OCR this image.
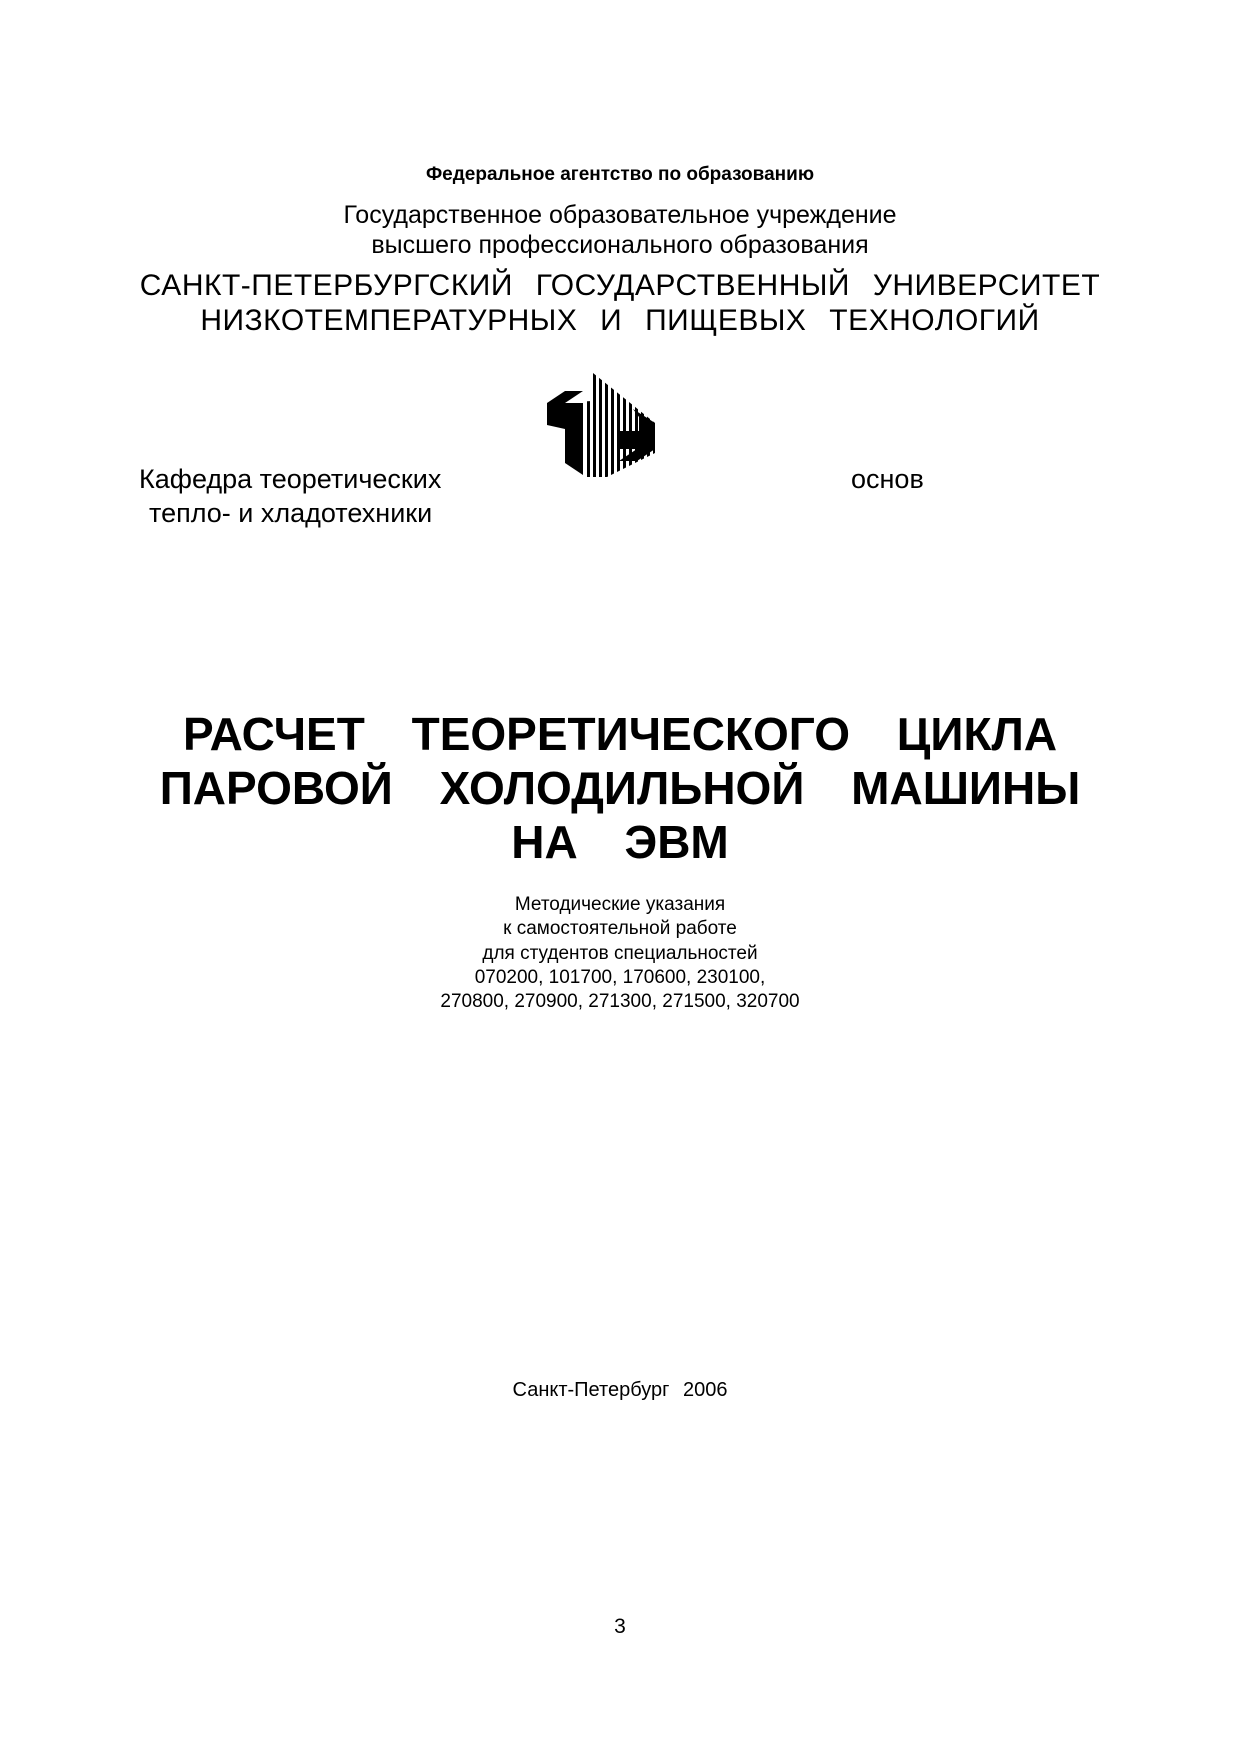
Федеральное агентство по образованию
Государственное образовательное учреждение
высшего профессионального образования
САНКТ-ПЕТЕРБУРГСКИЙ ГОСУДАРСТВЕННЫЙ УНИВЕРСИТЕТ
НИЗКОТЕМПЕРАТУРНЫХ И ПИЩЕВЫХ ТЕХНОЛОГИЙ
Кафедра теоретических	основ
тепло- и хладотехники
РАСЧЕТ ТЕОРЕТИЧЕСКОГО ЦИКЛА
ПАРОВОЙ ХОЛОДИЛЬНОЙ МАШИНЫ
НА ЭВМ
Методические указания
к самостоятельной работе
для студентов специальностей
070200, 101700, 170600, 230100,
270800, 270900, 271300, 271500, 320700
Санкт-Петербург 2006
3
